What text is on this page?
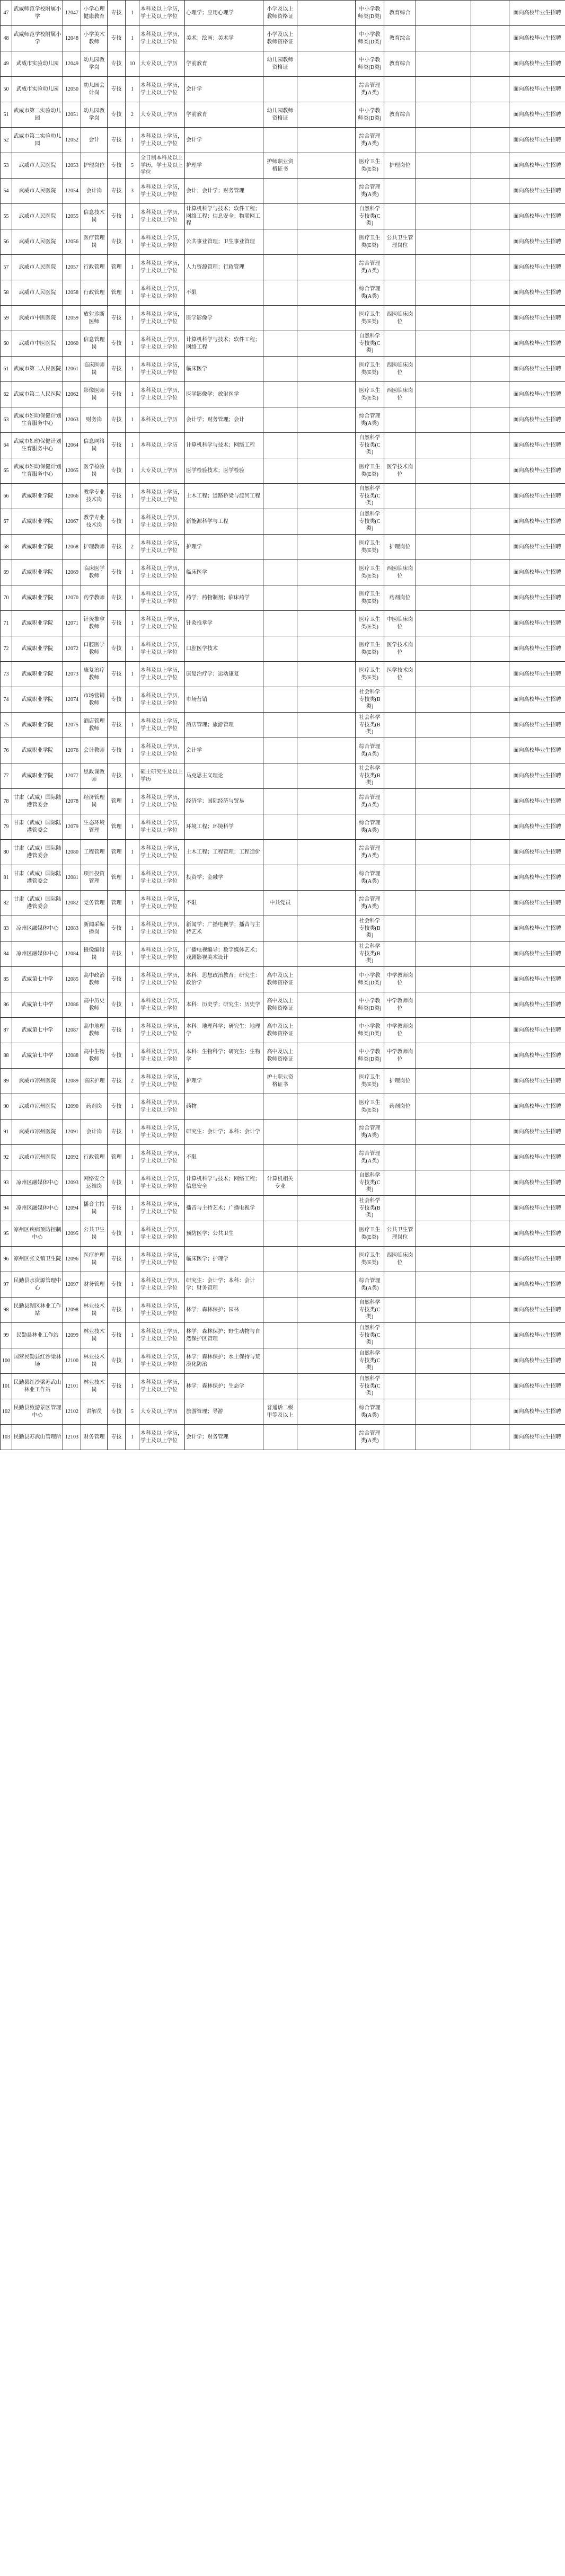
47	武威师范学校附属小学	12047	小学心理健康教育	专技	1	本科及以上学历，学士及以上学位	心理学；应用心理学	小学及以上教师资格证		中小学教师类(D类)	教育综合			面向高校毕业生招聘
48	武威师范学校附属小学	12048	小学美术教师	专技	1	本科及以上学历，学士及以上学位	美术；绘画；美术学	小学及以上教师资格证		中小学教师类(D类)	教育综合			面向高校毕业生招聘
49	武威市实验幼儿园	12049	幼儿园教学岗	专技	10	大专及以上学历	学前教育	幼儿园教师资格证		中小学教师类(D类)	教育综合			面向高校毕业生招聘
50	武威市实验幼儿园	12050	幼儿园会计岗	专技	1	本科及以上学历，学士及以上学位	会计学			综合管理类(A类)				面向高校毕业生招聘
51	武威市第二实验幼儿园	12051	幼儿园教学岗	专技	2	大专及以上学历	学前教育	幼儿园教师资格证		中小学教师类(D类)	教育综合			面向高校毕业生招聘
52	武威市第二实验幼儿园	12052	会计	专技	1	本科及以上学历，学士及以上学位	会计学			综合管理类(A类)				面向高校毕业生招聘
53	武威市人民医院	12053	护理岗位	专技	5	全日制本科及以上学历，学士及以上学位	护理学	护师职业资格证书		医疗卫生类(E类)	护理岗位			面向高校毕业生招聘
54	武威市人民医院	12054	会计岗	专技	3	本科及以上学历，学士及以上学位	会计；会计学；财务管理			综合管理类(A类)				面向高校毕业生招聘
55	武威市人民医院	12055	信息技术岗	专技	1	本科及以上学历，学士及以上学位	计算机科学与技术；软件工程；网络工程；信息安全；物联网工程			自然科学专技类(C类)				面向高校毕业生招聘
56	武威市人民医院	12056	医疗管理岗	专技	1	本科及以上学历，学士及以上学位	公共事业管理；卫生事业管理			医疗卫生类(E类)	公共卫生管理岗位			面向高校毕业生招聘
57	武威市人民医院	12057	行政管理	管理	1	本科及以上学历，学士及以上学位	人力资源管理；行政管理			综合管理类(A类)				面向高校毕业生招聘
58	武威市人民医院	12058	行政管理	管理	1	本科及以上学历，学士及以上学位	不限			综合管理类(A类)				面向高校毕业生招聘
59	武威市中医医院	12059	放射诊断医师	专技	1	本科及以上学历，学士及以上学位	医学影像学			医疗卫生类(E类)	西医临床岗位			面向高校毕业生招聘
60	武威市中医医院	12060	信息管理岗	专技	1	本科及以上学历，学士及以上学位	计算机科学与技术；软件工程；网络工程			自然科学专技类(C类)				面向高校毕业生招聘
61	武威市第二人民医院	12061	临床医师岗	专技	1	本科及以上学历，学士及以上学位	临床医学			医疗卫生类(E类)	西医临床岗位			面向高校毕业生招聘
62	武威市第二人民医院	12062	影像医师岗	专技	1	本科及以上学历，学士及以上学位	医学影像学；放射医学			医疗卫生类(E类)	西医临床岗位			面向高校毕业生招聘
63	武威市妇幼保健计划生育服务中心	12063	财务岗	专技	1	本科及以上学历	会计学；财务管理；会计			综合管理类(A类)				面向高校毕业生招聘
64	武威市妇幼保健计划生育服务中心	12064	信息网络岗	专技	1	本科及以上学历	计算机科学与技术；网络工程			自然科学专技类(C类)				面向高校毕业生招聘
65	武威市妇幼保健计划生育服务中心	12065	医学检验岗	专技	1	大专及以上学历	医学检验技术；医学检验			医疗卫生类(E类)	医学技术岗位			面向高校毕业生招聘
66	武威职业学院	12066	教学专业技术岗	专技	1	本科及以上学历，学士及以上学位	土木工程；道路桥梁与渡河工程			自然科学专技类(C类)				面向高校毕业生招聘
67	武威职业学院	12067	教学专业技术岗	专技	1	本科及以上学历，学士及以上学位	新能源科学与工程			自然科学专技类(C类)				面向高校毕业生招聘
68	武威职业学院	12068	护理教师	专技	2	本科及以上学历，学士及以上学位	护理学			医疗卫生类(E类)	护理岗位			面向高校毕业生招聘
69	武威职业学院	12069	临床医学教师	专技	1	本科及以上学历，学士及以上学位	临床医学			医疗卫生类(E类)	西医临床岗位			面向高校毕业生招聘
70	武威职业学院	12070	药学教师	专技	1	本科及以上学历，学士及以上学位	药学；药物制剂；临床药学			医疗卫生类(E类)	药剂岗位			面向高校毕业生招聘
71	武威职业学院	12071	针灸推拿教师	专技	1	本科及以上学历，学士及以上学位	针灸推拿学			医疗卫生类(E类)	中医临床岗位			面向高校毕业生招聘
72	武威职业学院	12072	口腔医学教师	专技	1	本科及以上学历，学士及以上学位	口腔医学技术			医疗卫生类(E类)	医学技术岗位			面向高校毕业生招聘
73	武威职业学院	12073	康复治疗教师	专技	1	本科及以上学历，学士及以上学位	康复治疗学；运动康复			医疗卫生类(E类)	医学技术岗位			面向高校毕业生招聘
74	武威职业学院	12074	市场营销教师	专技	1	本科及以上学历，学士及以上学位	市场营销			社会科学专技类(B类)				面向高校毕业生招聘
75	武威职业学院	12075	酒店管理教师	专技	1	本科及以上学历，学士及以上学位	酒店管理；旅游管理			社会科学专技类(B类)				面向高校毕业生招聘
76	武威职业学院	12076	会计教师	专技	1	本科及以上学历，学士及以上学位	会计学			综合管理类(A类)				面向高校毕业生招聘
77	武威职业学院	12077	思政课教师	专技	1	硕士研究生及以上学历	马克思主义理论			社会科学专技类(B类)				面向高校毕业生招聘
78	甘肃（武威）国际陆港管委会	12078	经济管理岗	管理	1	本科及以上学历，学士及以上学位	经济学；国际经济与贸易			综合管理类(A类)				面向高校毕业生招聘
79	甘肃（武威）国际陆港管委会	12079	生态环境管理	管理	1	本科及以上学历，学士及以上学位	环境工程；环境科学			综合管理类(A类)				面向高校毕业生招聘
80	甘肃（武威）国际陆港管委会	12080	工程管理	管理	1	本科及以上学历，学士及以上学位	土木工程；工程管理；工程造价			综合管理类(A类)				面向高校毕业生招聘
81	甘肃（武威）国际陆港管委会	12081	项目投资管理	管理	1	本科及以上学历，学士及以上学位	投资学；金融学			综合管理类(A类)				面向高校毕业生招聘
82	甘肃（武威）国际陆港管委会	12082	党务管理	管理	1	本科及以上学历，学士及以上学位	不限	中共党员		综合管理类(A类)				面向高校毕业生招聘
83	凉州区融媒体中心	12083	新闻采编播岗	专技	1	本科及以上学历，学士及以上学位	新闻学；广播电视学；播音与主持艺术			社会科学专技类(B类)				面向高校毕业生招聘
84	凉州区融媒体中心	12084	摄像编辑岗	专技	1	本科及以上学历，学士及以上学位	广播电视编导；数字媒体艺术；戏剧影视美术设计			社会科学专技类(B类)				面向高校毕业生招聘
85	武威第七中学	12085	高中政治教师	专技	1	本科及以上学历，学士及以上学位	本科：思想政治教育；研究生：政治学	高中及以上教师资格证		中小学教师类(D类)	中学教师岗位			面向高校毕业生招聘
86	武威第七中学	12086	高中历史教师	专技	1	本科及以上学历，学士及以上学位	本科：历史学；研究生：历史学	高中及以上教师资格证		中小学教师类(D类)	中学教师岗位			面向高校毕业生招聘
87	武威第七中学	12087	高中地理教师	专技	1	本科及以上学历，学士及以上学位	本科：地理科学；研究生：地理学	高中及以上教师资格证		中小学教师类(D类)	中学教师岗位			面向高校毕业生招聘
88	武威第七中学	12088	高中生物教师	专技	1	本科及以上学历，学士及以上学位	本科：生物科学；研究生：生物学	高中及以上教师资格证		中小学教师类(D类)	中学教师岗位			面向高校毕业生招聘
89	武威市凉州医院	12089	临床护理	专技	2	本科及以上学历，学士及以上学位	护理学	护士职业资格证书		医疗卫生类(E类)	护理岗位			面向高校毕业生招聘
90	武威市凉州医院	12090	药剂岗	专技	1	本科及以上学历，学士及以上学位	药物			医疗卫生类(E类)	药剂岗位			面向高校毕业生招聘
91	武威市凉州医院	12091	会计岗	专技	1	本科及以上学历，学士及以上学位	研究生：会计学；本科：会计学			综合管理类(A类)				面向高校毕业生招聘
92	武威市凉州医院	12092	行政管理	管理	1	本科及以上学历，学士及以上学位	不限			综合管理类(A类)				面向高校毕业生招聘
93	凉州区融媒体中心	12093	网络安全运维岗	专技	1	本科及以上学历，学士及以上学位	计算机科学与技术；网络工程；信息安全	计算机相关专业		自然科学专技类(C类)				面向高校毕业生招聘
94	凉州区融媒体中心	12094	播音主持岗	专技	1	本科及以上学历，学士及以上学位	播音与主持艺术；广播电视学			社会科学专技类(B类)				面向高校毕业生招聘
95	凉州区疾病预防控制中心	12095	公共卫生岗	专技	1	本科及以上学历，学士及以上学位	预防医学；公共卫生			医疗卫生类(E类)	公共卫生管理岗位			面向高校毕业生招聘
96	凉州区张义镇卫生院	12096	医疗护理岗	专技	1	本科及以上学历，学士及以上学位	临床医学；护理学			医疗卫生类(E类)	西医临床岗位			面向高校毕业生招聘
97	民勤县水资源管理中心	12097	财务管理	专技	1	本科及以上学历，学士及以上学位	研究生：会计学；本科：会计学；财务管理			综合管理类(A类)				面向高校毕业生招聘
98	民勤县湖区林业工作站	12098	林业技术岗	专技	1	本科及以上学历，学士及以上学位	林学；森林保护；园林			自然科学专技类(C类)				面向高校毕业生招聘
99	民勤县林业工作站	12099	林业技术岗	专技	1	本科及以上学历，学士及以上学位	林学；森林保护；野生动物与自然保护区管理			自然科学专技类(C类)				面向高校毕业生招聘
100	国营民勤县红沙梁林场	12100	林业技术岗	专技	1	本科及以上学历，学士及以上学位	林学；森林保护；水土保持与荒漠化防治			自然科学专技类(C类)				面向高校毕业生招聘
101	民勤县红沙梁苏武山林业工作站	12101	林业技术岗	专技	1	本科及以上学历，学士及以上学位	林学；森林保护；生态学			自然科学专技类(C类)				面向高校毕业生招聘
102	民勤县旅游景区管理中心	12102	讲解员	专技	5	大专及以上学历	旅游管理；导游	普通话二级甲等及以上		综合管理类(A类)				面向高校毕业生招聘
103	民勤县苏武山管理所	12103	财务管理	专技	1	本科及以上学历，学士及以上学位	会计学；财务管理			综合管理类(A类)				面向高校毕业生招聘
